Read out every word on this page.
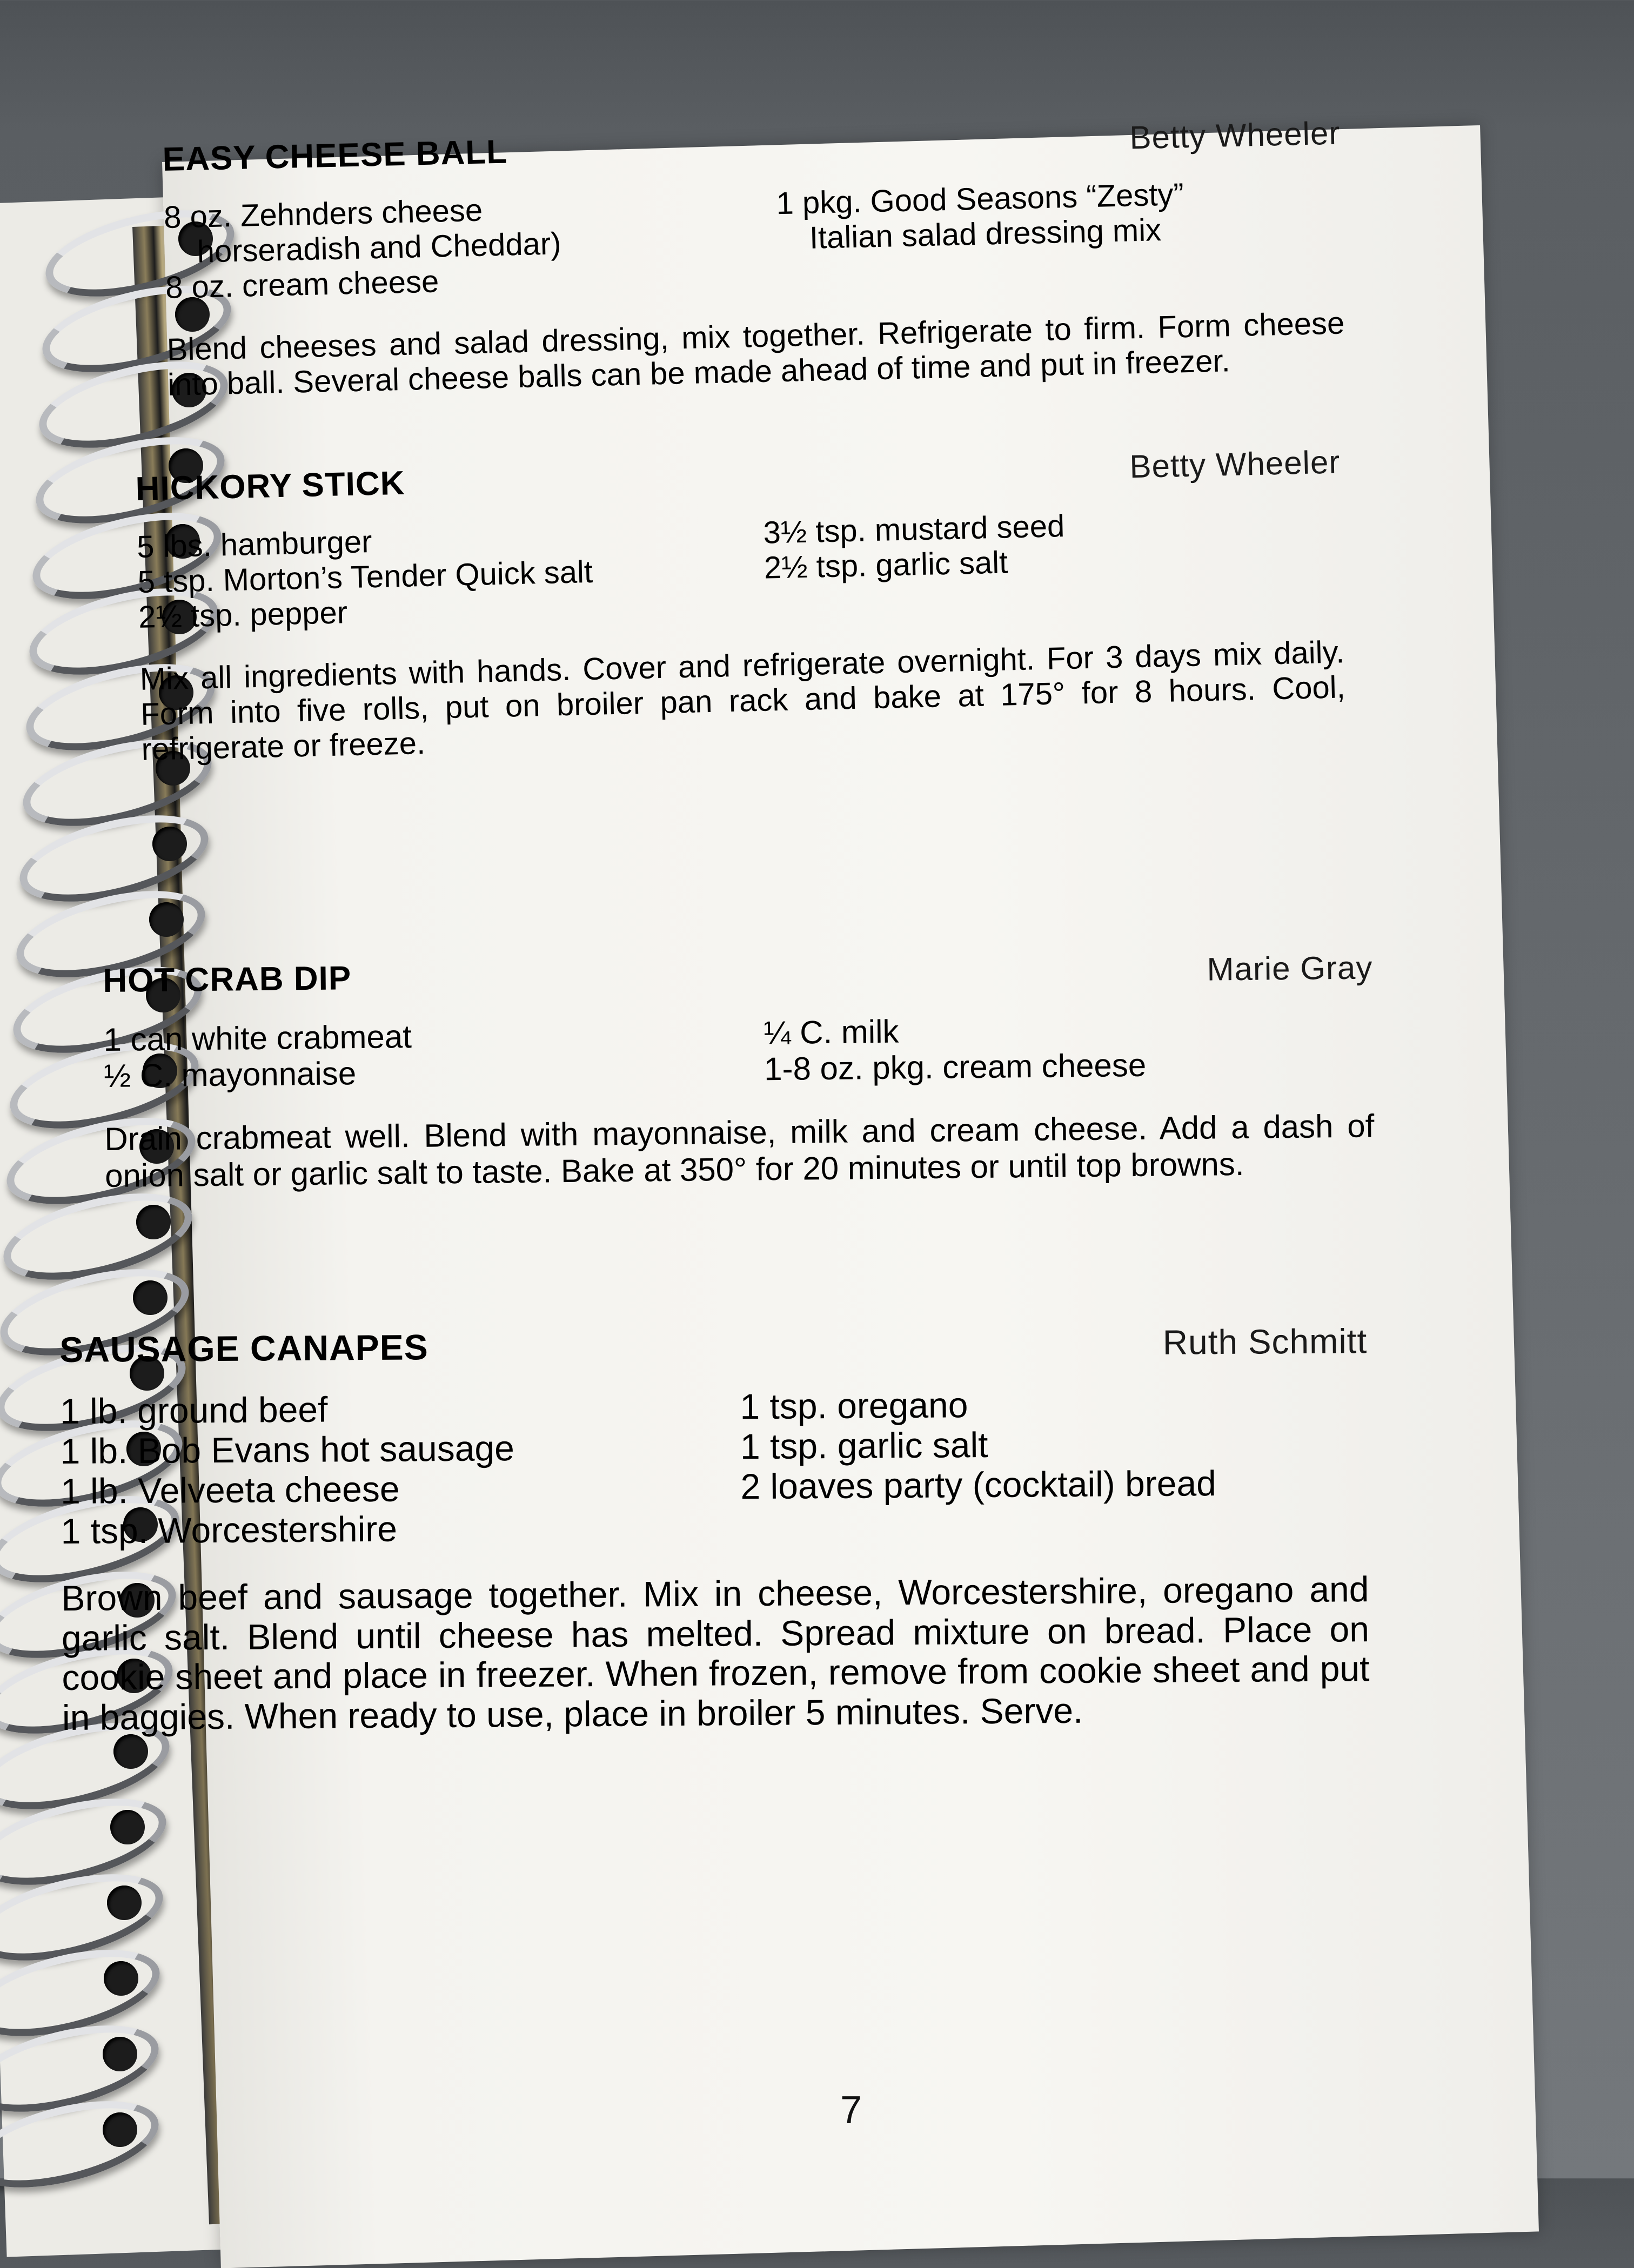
EASY CHEESE BALL	Betty Wheeler
8 oz. Zehnders cheese
horseradish and Cheddar)
8 oz. cream cheese
1 pkg. Good Seasons “Zesty”
Italian salad dressing mix
Blend cheeses and salad dressing, mix together. Refrigerate to firm. Form cheese into ball. Several cheese balls can be made ahead of time and put in freezer.
HICKORY STICK
Betty Wheeler
5 lbs. hamburger
5 tsp. Morton’s Tender Quick salt
2½ tsp. pepper
3½ tsp. mustard seed
2½ tsp. garlic salt
Mix all ingredients with hands. Cover and refrigerate overnight. For 3 days mix daily. Form into five rolls, put on broiler pan rack and bake at 175° for 8 hours. Cool, refrigerate or freeze.
HOT CRAB DIP	Marie Gray
1 can white crabmeat
½ C. mayonnaise
¼ C. milk
1-8 oz. pkg. cream cheese
Drain crabmeat well. Blend with mayonnaise, milk and cream cheese. Add a dash of onion salt or garlic salt to taste. Bake at 350° for 20 minutes or until top browns.
SAUSAGE CANAPES	Ruth Schmitt
1 lb. ground beef
1 lb. Bob Evans hot sausage
1 lb. Velveeta cheese
1 tsp. Worcestershire
1 tsp. oregano
1 tsp. garlic salt
2 loaves party (cocktail) bread
Brown beef and sausage together. Mix in cheese, Worcestershire, oregano and garlic salt. Blend until cheese has melted. Spread mixture on bread. Place on cookie sheet and place in freezer. When frozen, remove from cookie sheet and put in baggies. When ready to use, place in broiler 5 minutes. Serve.
7
